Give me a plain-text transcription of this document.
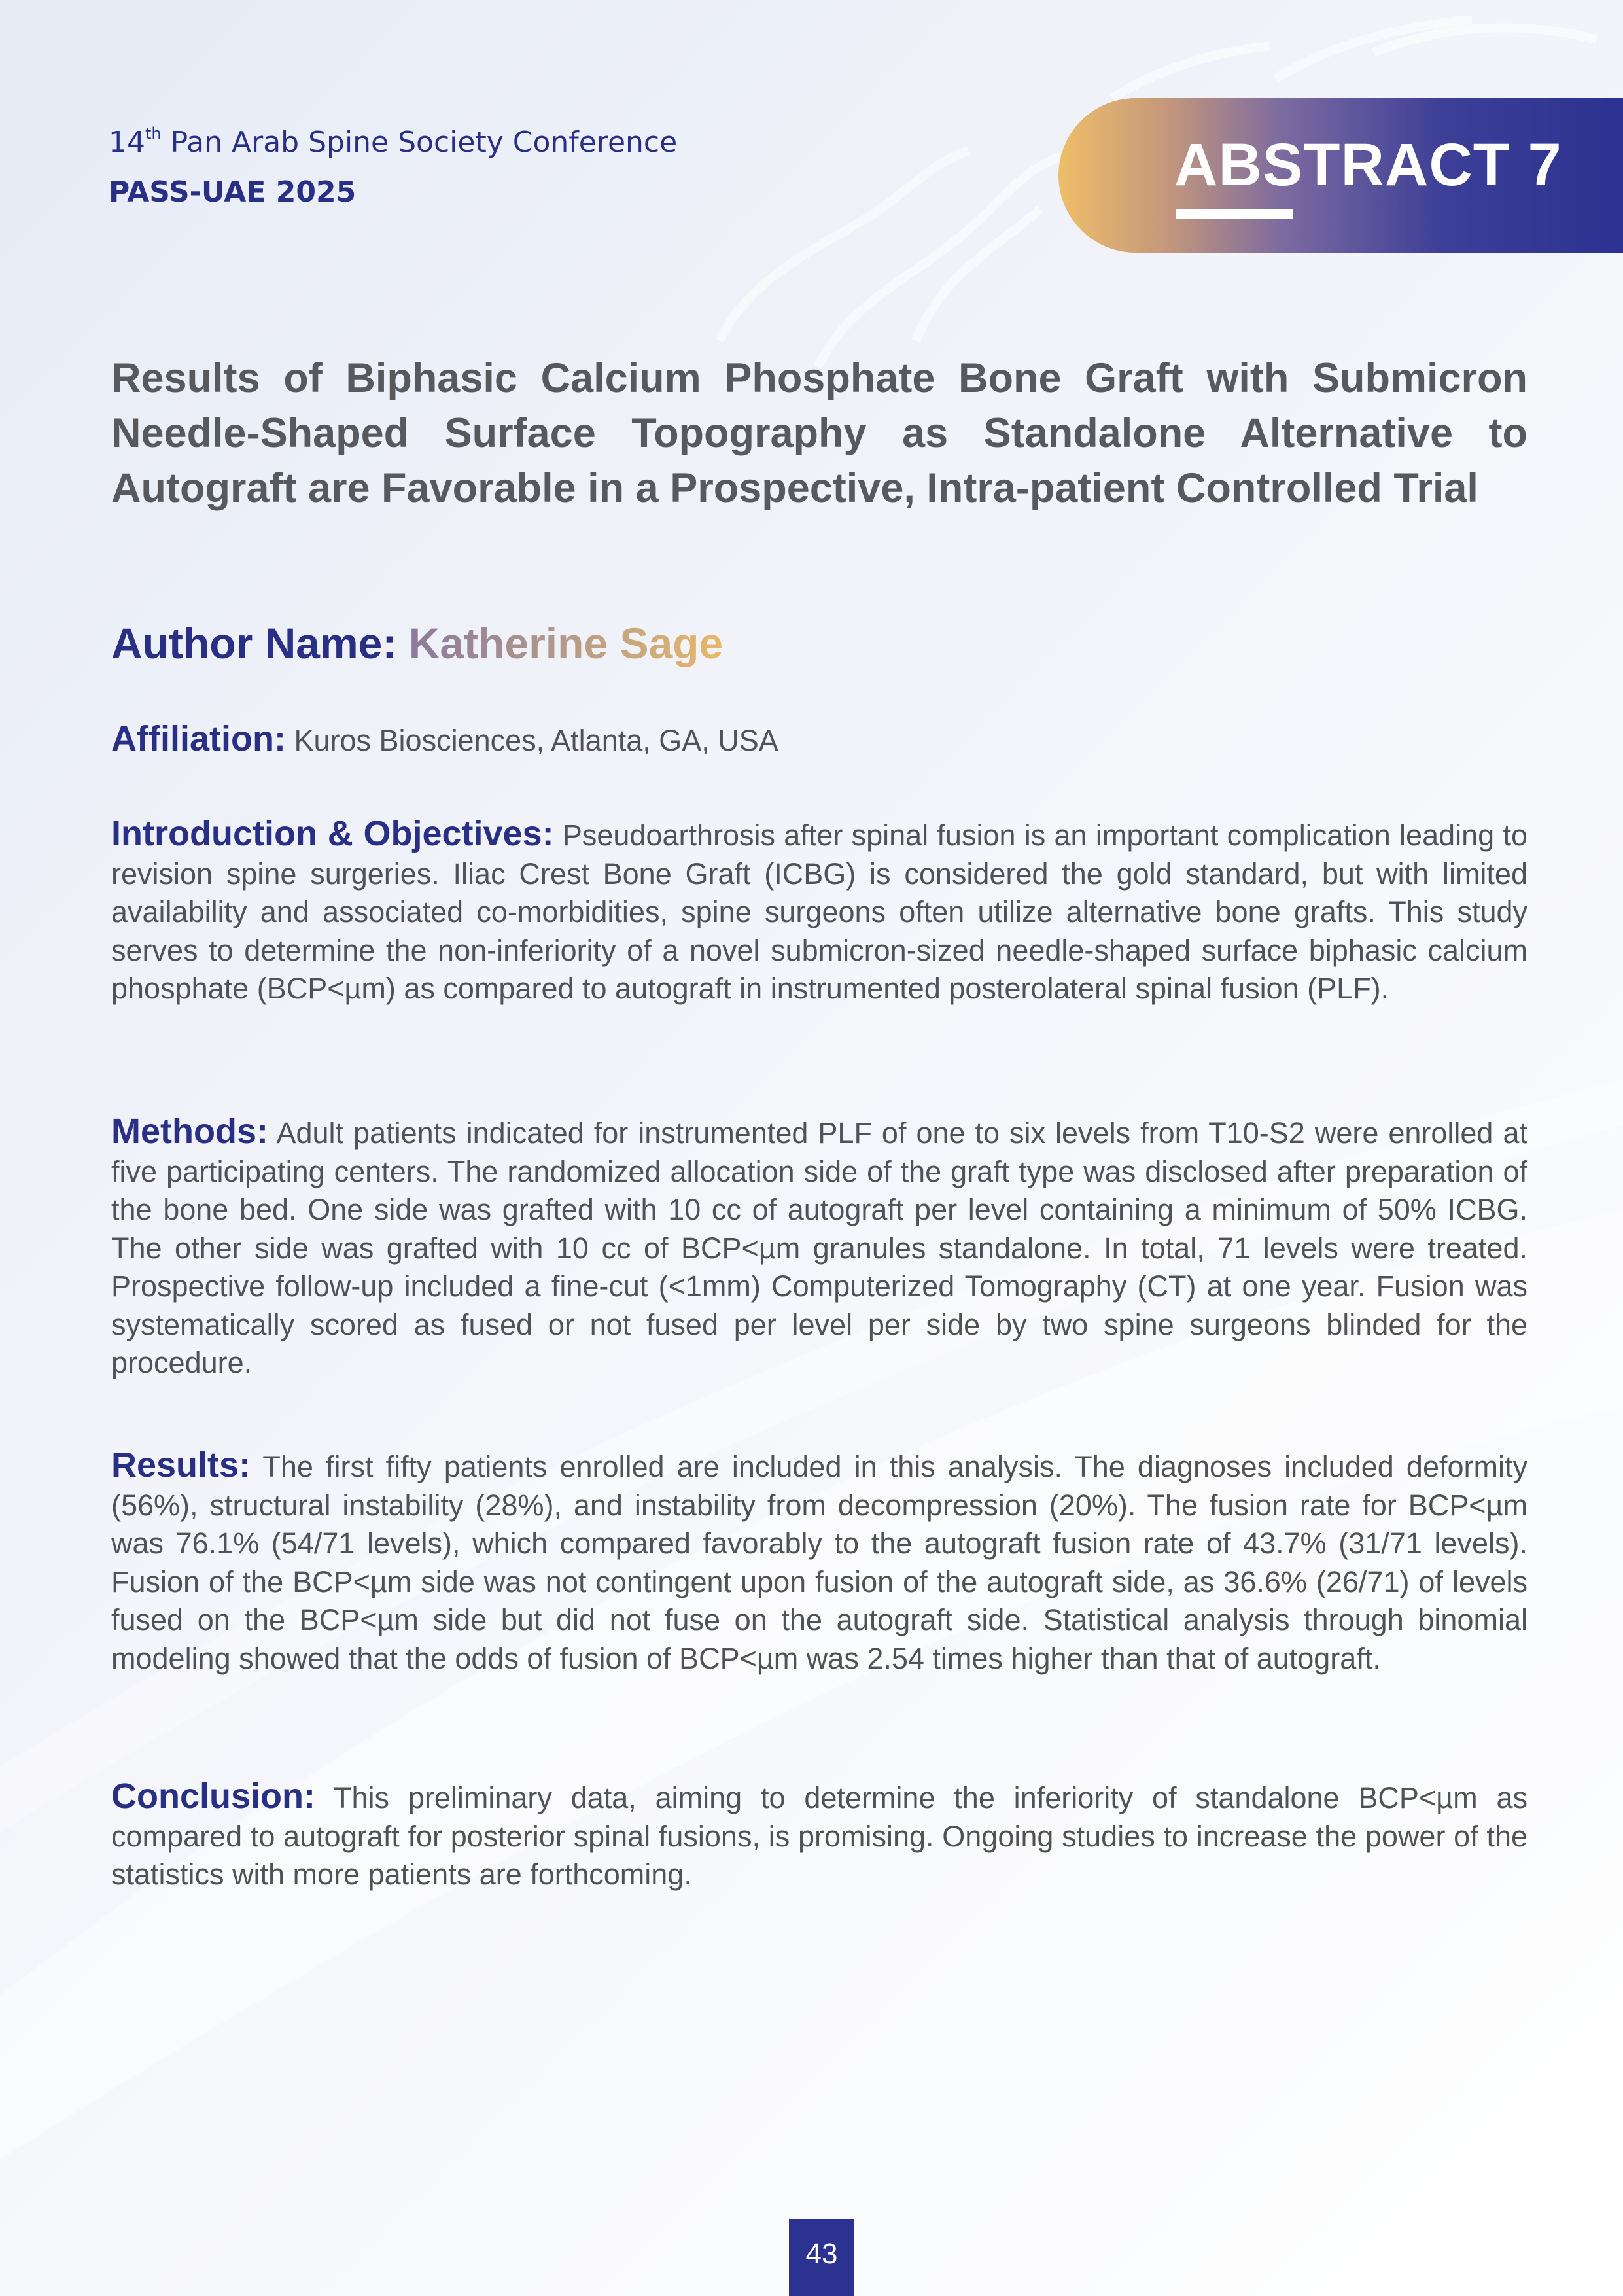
14th Pan Arab Spine Society Conference
PASS-UAE 2025	ABSTRACT 7
Results of Biphasic Calcium Phosphate Bone Graft with Submicron Needle-Shaped Surface Topography as Standalone Alternative to Autograft are Favorable in a Prospective, Intra-patient Controlled Trial
Author Name: Katherine Sage

Affiliation: Kuros Biosciences, Atlanta, GA, USA

Introduction & Objectives: Pseudoarthrosis after spinal fusion is an important complication leading to revision spine surgeries. Iliac Crest Bone Graft (ICBG) is considered the gold standard, but with limited availability and associated co-morbidities, spine surgeons often utilize alternative bone grafts. This study serves to determine the non-inferiority of a novel submicron-sized needle-shaped surface biphasic calcium phosphate (BCP<µm) as compared to autograft in instrumented posterolateral spinal fusion (PLF).

Methods: Adult patients indicated for instrumented PLF of one to six levels from T10-S2 were enrolled at five participating centers. The randomized allocation side of the graft type was disclosed after preparation of the bone bed. One side was grafted with 10 cc of autograft per level containing a minimum of 50% ICBG. The other side was grafted with 10 cc of BCP<µm granules standalone. In total, 71 levels were treated. Prospective follow-up included a fine-cut (<1mm) Computerized Tomography (CT) at one year. Fusion was systematically scored as fused or not fused per level per side by two spine surgeons blinded for the procedure.

Results: The first fifty patients enrolled are included in this analysis. The diagnoses included deformity (56%), structural instability (28%), and instability from decompression (20%). The fusion rate for BCP<µm was 76.1% (54/71 levels), which compared favorably to the autograft fusion rate of 43.7% (31/71 levels). Fusion of the BCP<µm side was not contingent upon fusion of the autograft side, as 36.6% (26/71) of levels fused on the BCP<µm side but did not fuse on the autograft side. Statistical analysis through binomial modeling showed that the odds of fusion of BCP<µm was 2.54 times higher than that of autograft.

Conclusion: This preliminary data, aiming to determine the inferiority of standalone BCP<µm as compared to autograft for posterior spinal fusions, is promising. Ongoing studies to increase the power of the statistics with more patients are forthcoming.

43
